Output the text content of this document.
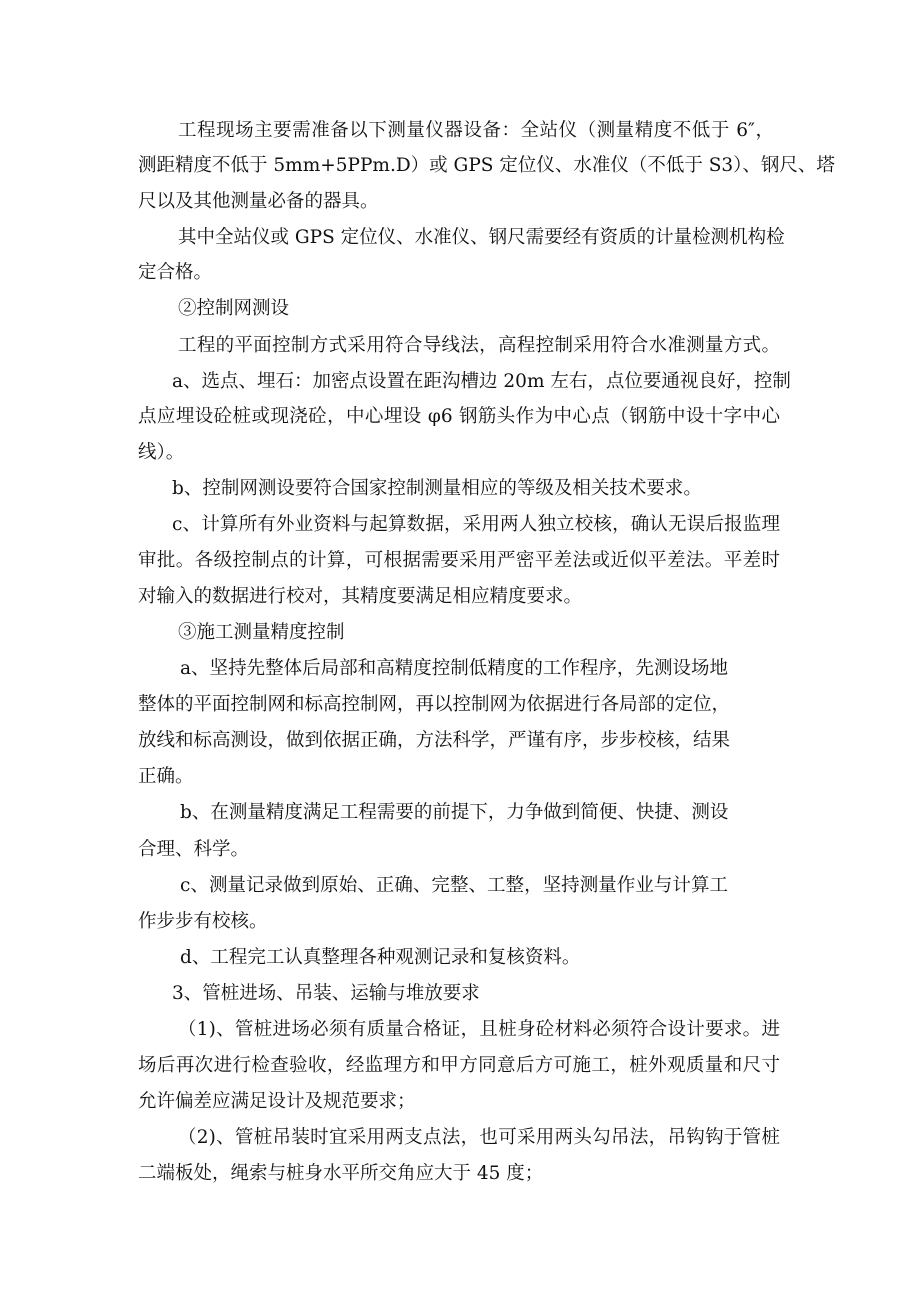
工程现场主要需准备以下测量仪器设备：全站仪（测量精度不低于 6″，

测距精度不低于 5mm+5PPm.D）或 GPS 定位仪、水准仪（不低于 S3）、钢尺、塔

尺以及其他测量必备的器具。

其中全站仪或 GPS 定位仪、水准仪、钢尺需要经有资质的计量检测机构检

定合格。

②控制网测设

工程的平面控制方式采用符合导线法，高程控制采用符合水准测量方式。

a、选点、埋石：加密点设置在距沟槽边 20m 左右，点位要通视良好，控制

点应埋设砼桩或现浇砼，中心埋设 φ6 钢筋头作为中心点（钢筋中设十字中心

线）。

b、控制网测设要符合国家控制测量相应的等级及相关技术要求。

c、计算所有外业资料与起算数据，采用两人独立校核，确认无误后报监理

审批。各级控制点的计算，可根据需要采用严密平差法或近似平差法。平差时

对输入的数据进行校对，其精度要满足相应精度要求。

③施工测量精度控制

a、坚持先整体后局部和高精度控制低精度的工作程序，先测设场地

整体的平面控制网和标高控制网，再以控制网为依据进行各局部的定位，

放线和标高测设，做到依据正确，方法科学，严谨有序，步步校核，结果

正确。

b、在测量精度满足工程需要的前提下，力争做到简便、快捷、测设

合理、科学。

c、测量记录做到原始、正确、完整、工整，坚持测量作业与计算工

作步步有校核。

d、工程完工认真整理各种观测记录和复核资料。

3、管桩进场、吊装、运输与堆放要求

（1)、管桩进场必须有质量合格证，且桩身砼材料必须符合设计要求。进

场后再次进行检查验收，经监理方和甲方同意后方可施工，桩外观质量和尺寸

允许偏差应满足设计及规范要求；

（2)、管桩吊装时宜采用两支点法，也可采用两头勾吊法，吊钩钩于管桩

二端板处，绳索与桩身水平所交角应大于 45 度；
